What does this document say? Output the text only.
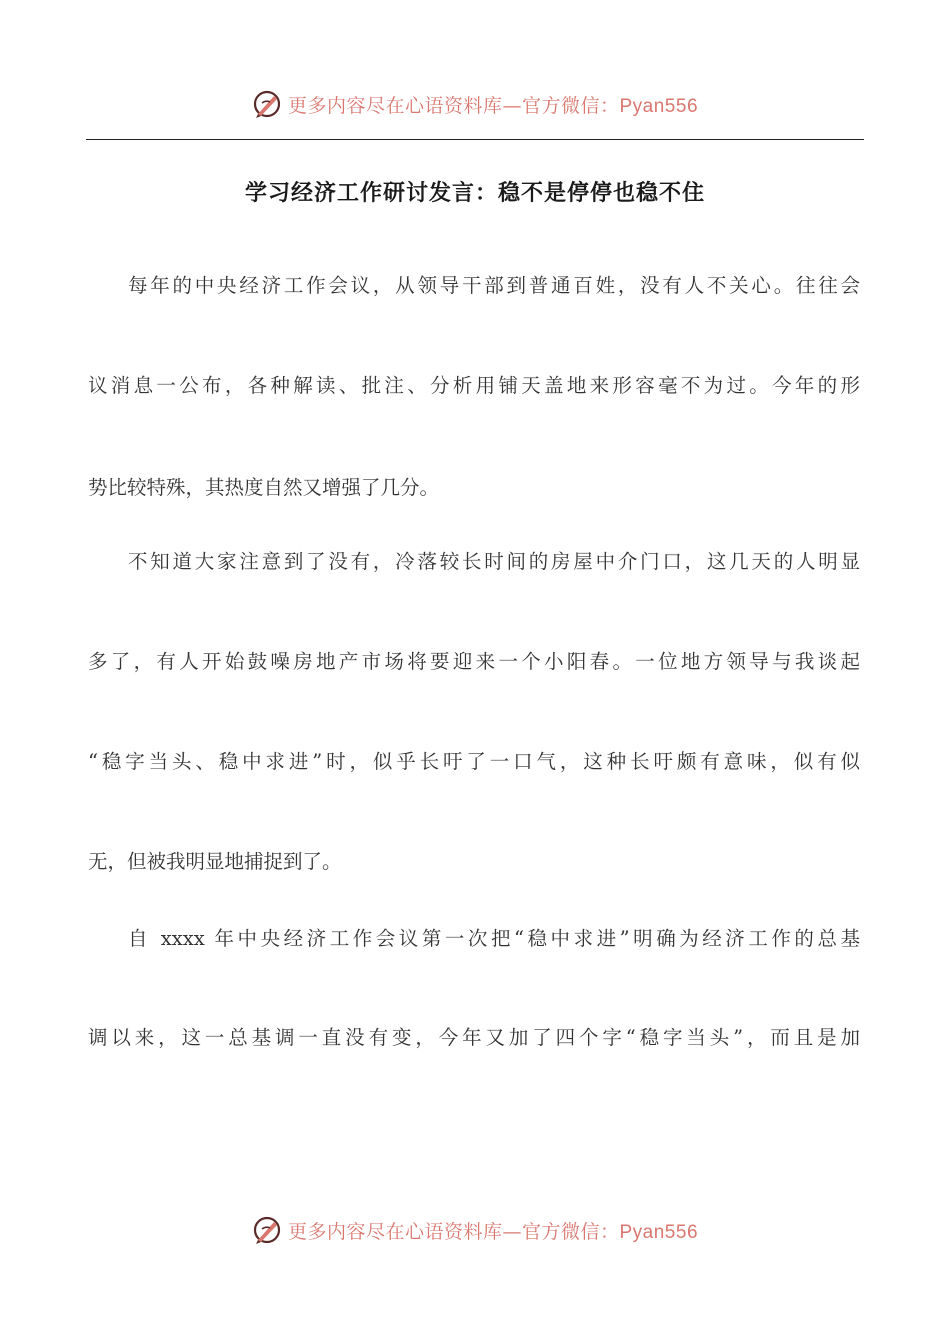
更多内容尽在心语资料库—官方微信：Pyan556
学习经济工作研讨发言：稳不是停停也稳不住
每年的中央经济工作会议，从领导干部到普通百姓，没有人不关心。往往会
议消息一公布，各种解读、批注、分析用铺天盖地来形容毫不为过。今年的形
势比较特殊，其热度自然又增强了几分。
不知道大家注意到了没有，冷落较长时间的房屋中介门口，这几天的人明显
多了，有人开始鼓噪房地产市场将要迎来一个小阳春。一位地方领导与我谈起
“稳字当头、稳中求进”时，似乎长吁了一口气，这种长吁颇有意味，似有似
无，但被我明显地捕捉到了。
自 xxxx 年中央经济工作会议第一次把“稳中求进”明确为经济工作的总基
调以来，这一总基调一直没有变，今年又加了四个字“稳字当头”，而且是加
更多内容尽在心语资料库—官方微信：Pyan556
